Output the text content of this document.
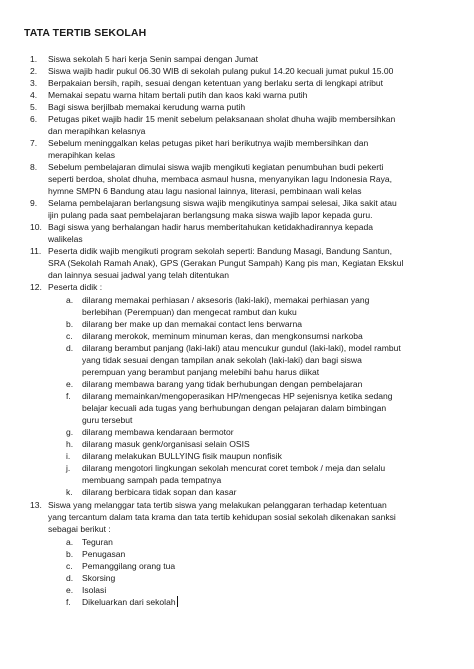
TATA TERTIB SEKOLAH
1. Siswa sekolah 5 hari kerja Senin sampai dengan Jumat
2. Siswa wajib hadir pukul 06.30 WIB di sekolah pulang pukul 14.20 kecuali jumat pukul 15.00
3. Berpakaian bersih, rapih, sesuai dengan ketentuan yang berlaku serta di lengkapi atribut
4. Memakai sepatu warna hitam bertali putih dan kaos kaki warna putih
5. Bagi siswa berjilbab memakai kerudung warna putih
6. Petugas piket wajib hadir 15 menit sebelum pelaksanaan sholat dhuha wajib membersihkan
dan merapihkan kelasnya
7. Sebelum meninggalkan kelas petugas piket hari berikutnya wajib membersihkan dan
merapihkan kelas
8. Sebelum pembelajaran dimulai siswa wajib mengikuti kegiatan penumbuhan budi pekerti
seperti berdoa, sholat dhuha, membaca asmaul husna, menyanyikan lagu Indonesia Raya,
hymne SMPN 6 Bandung atau lagu nasional lainnya, literasi, pembinaan wali kelas
9. Selama pembelajaran berlangsung siswa wajib mengikutinya sampai selesai, Jika sakit atau
ijin pulang pada saat pembelajaran berlangsung maka siswa wajib lapor kepada guru.
10. Bagi siswa yang berhalangan hadir harus memberitahukan ketidakhadirannya kepada
walikelas
11. Peserta didik wajib mengikuti program sekolah seperti: Bandung Masagi, Bandung Santun,
SRA (Sekolah Ramah Anak), GPS (Gerakan Pungut Sampah) Kang pis man, Kegiatan Ekskul
dan lainnya sesuai jadwal yang telah ditentukan
12. Peserta didik :
a. dilarang memakai perhiasan / aksesoris (laki-laki), memakai perhiasan yang
berlebihan (Perempuan) dan mengecat rambut dan kuku
b. dilarang ber make up dan memakai contact lens berwarna
c. dilarang merokok, meminum minuman keras, dan mengkonsumsi narkoba
d. dilarang berambut panjang (laki-laki) atau mencukur gundul (laki-laki), model rambut
yang tidak sesuai dengan tampilan anak sekolah (laki-laki) dan bagi siswa
perempuan yang berambut panjang melebihi bahu harus diikat
e. dilarang membawa barang yang tidak berhubungan dengan pembelajaran
f. dilarang memainkan/mengoperasikan HP/mengecas HP sejenisnya ketika sedang
belajar kecuali ada tugas yang berhubungan dengan pelajaran dalam bimbingan
guru tersebut
g. dilarang membawa kendaraan bermotor
h. dilarang masuk genk/organisasi selain OSIS
i. dilarang melakukan BULLYING fisik maupun nonfisik
j. dilarang mengotori lingkungan sekolah mencurat coret tembok / meja dan selalu
membuang sampah pada tempatnya
k. dilarang berbicara tidak sopan dan kasar
13. Siswa yang melanggar tata tertib siswa yang melakukan pelanggaran terhadap ketentuan
yang tercantum dalam tata krama dan tata tertib kehidupan sosial sekolah dikenakan sanksi
sebagai berikut :
a. Teguran
b. Penugasan
c. Pemanggilang orang tua
d. Skorsing
e. Isolasi
f. Dikeluarkan dari sekolah
